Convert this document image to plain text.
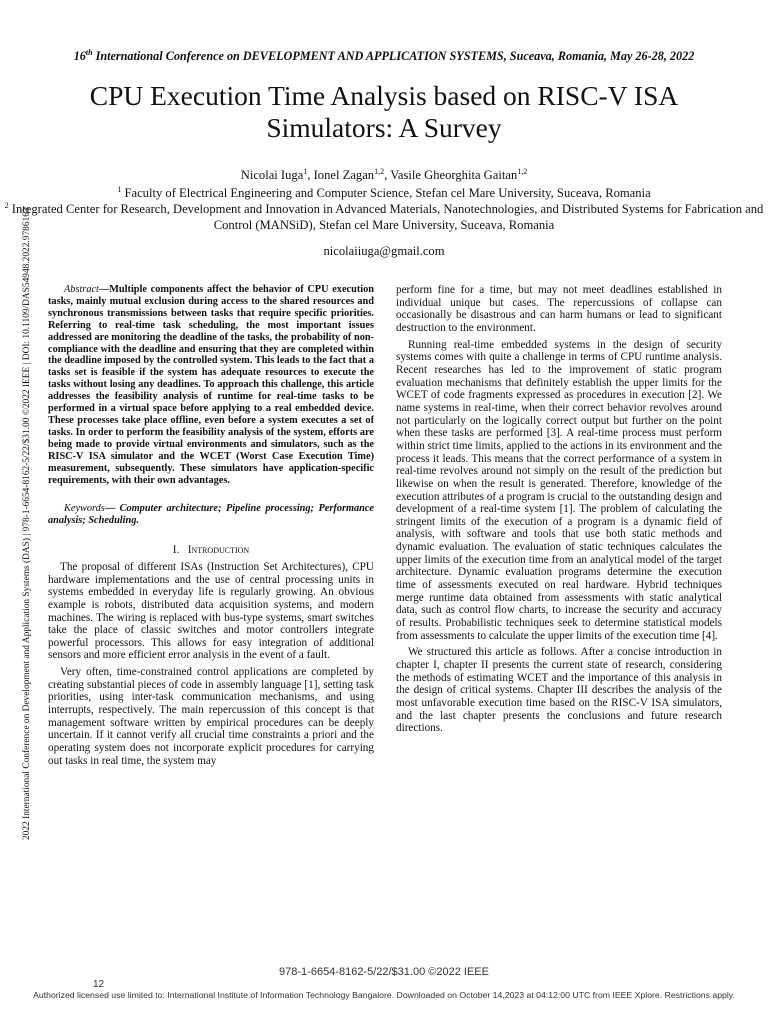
16th International Conference on DEVELOPMENT AND APPLICATION SYSTEMS, Suceava, Romania, May 26-28, 2022
CPU Execution Time Analysis based on RISC-V ISA Simulators: A Survey
Nicolai Iuga$^1$, Ionel Zagan$^{1,2}$, Vasile Gheorghita Gaitan$^{1,2}$
$^1$ Faculty of Electrical Engineering and Computer Science, Stefan cel Mare University, Suceava, Romania
$^2$ Integrated Center for Research, Development and Innovation in Advanced Materials, Nanotechnologies, and Distributed Systems for Fabrication and Control (MANSiD), Stefan cel Mare University, Suceava, Romania
nicolaiiuga@gmail.com
2022 International Conference on Development and Application Systems (DAS) | 978-1-6654-8162-5/22/$31.00 ©2022 IEEE | DOI: 10.1109/DAS54948.2022.9786163	Abstract—Multiple components affect the behavior of CPU execution tasks, mainly mutual exclusion during access to the shared resources and synchronous transmissions between tasks that require specific priorities. Referring to real-time task scheduling, the most important issues addressed are monitoring the deadline of the tasks, the probability of non-compliance with the deadline and ensuring that they are completed within the deadline imposed by the controlled system. This leads to the fact that a tasks set is feasible if the system has adequate resources to execute the tasks without losing any deadlines. To approach this challenge, this article addresses the feasibility analysis of runtime for real-time tasks to be performed in a virtual space before applying to a real embedded device. These processes take place offline, even before a system executes a set of tasks. In order to perform the feasibility analysis of the system, efforts are being made to provide virtual environments and simulators, such as the RISC-V ISA simulator and the WCET (Worst Case Execution Time) measurement, subsequently. These simulators have application-specific requirements, with their own advantages.

Keywords— Computer architecture; Pipeline processing; Performance analysis; Scheduling.

I. Introduction

The proposal of different ISAs (Instruction Set Architectures), CPU hardware implementations and the use of central processing units in systems embedded in everyday life is regularly growing. An obvious example is robots, distributed data acquisition systems, and modern machines. The wiring is replaced with bus-type systems, smart switches take the place of classic switches and motor controllers integrate powerful processors. This allows for easy integration of additional sensors and more efficient error analysis in the event of a fault.

Very often, time-constrained control applications are completed by creating substantial pieces of code in assembly language [1], setting task priorities, using inter-task communication mechanisms, and using interrupts, respectively. The main repercussion of this concept is that management software written by empirical procedures can be deeply uncertain. If it cannot verify all crucial time constraints a priori and the operating system does not incorporate explicit procedures for carrying out tasks in real time, the system may

perform fine for a time, but may not meet deadlines established in individual unique but cases. The repercussions of collapse can occasionally be disastrous and can harm humans or lead to significant destruction to the environment.

Running real-time embedded systems in the design of security systems comes with quite a challenge in terms of CPU runtime analysis. Recent researches has led to the improvement of static program evaluation mechanisms that definitely establish the upper limits for the WCET of code fragments expressed as procedures in execution [2]. We name systems in real-time, when their correct behavior revolves around not particularly on the logically correct output but further on the point when these tasks are performed [3]. A real-time process must perform within strict time limits, applied to the actions in its environment and the process it leads. This means that the correct performance of a system in real-time revolves around not simply on the result of the prediction but likewise on when the result is generated. Therefore, knowledge of the execution attributes of a program is crucial to the outstanding design and development of a real-time system [1]. The problem of calculating the stringent limits of the execution of a program is a dynamic field of analysis, with software and tools that use both static methods and dynamic evaluation. The evaluation of static techniques calculates the upper limits of the execution time from an analytical model of the target architecture. Dynamic evaluation programs determine the execution time of assessments executed on real hardware. Hybrid techniques merge runtime data obtained from assessments with static analytical data, such as control flow charts, to increase the security and accuracy of results. Probabilistic techniques seek to determine statistical models from assessments to calculate the upper limits of the execution time [4].

We structured this article as follows. After a concise introduction in chapter I, chapter II presents the current state of research, considering the methods of estimating WCET and the importance of this analysis in the design of critical systems. Chapter III describes the analysis of the most unfavorable execution time based on the RISC-V ISA simulators, and the last chapter presents the conclusions and future research directions.

978-1-6654-8162-5/22/$31.00 ©2022 IEEE
12
Authorized licensed use limited to: International Institute of Information Technology Bangalore. Downloaded on October 14,2023 at 04:12:00 UTC from IEEE Xplore. Restrictions apply.
